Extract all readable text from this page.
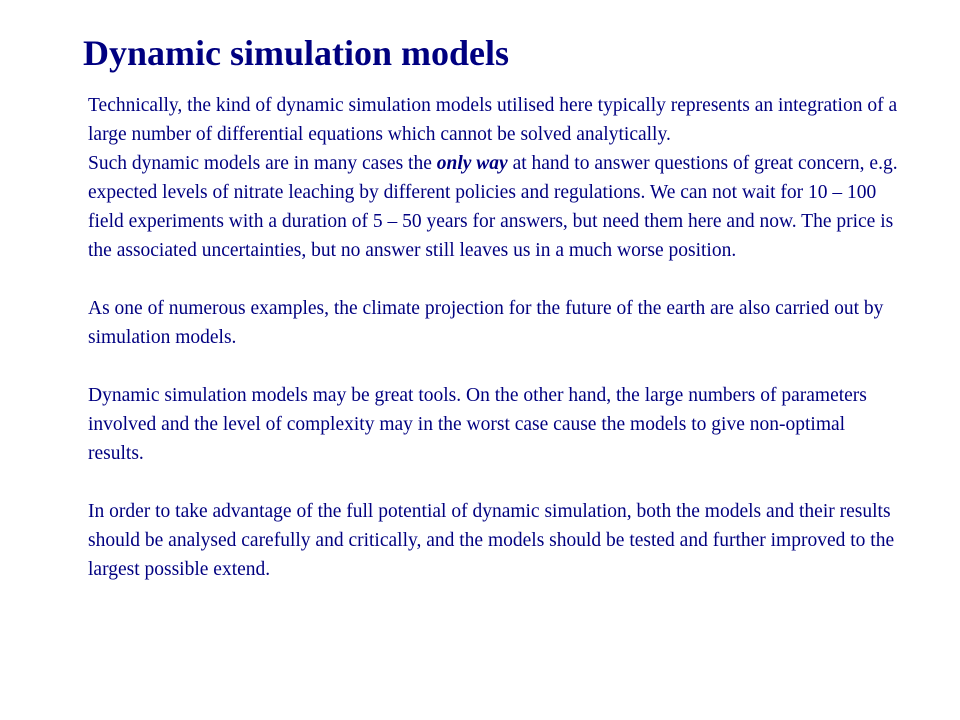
Dynamic simulation models

Technically, the kind of dynamic simulation models utilised here typically represents an integration of a large number of differential equations which cannot be solved analytically.

Such dynamic models are in many cases the only way at hand to answer questions of great concern, e.g. expected levels of nitrate leaching by different policies and regulations. We can not wait for 10 – 100 field experiments with a duration of 5 – 50 years for answers, but need them here and now. The price is the associated uncertainties, but no answer still leaves us in a much worse position.

As one of numerous examples, the climate projection for the future of the earth are also carried out by simulation models.

Dynamic simulation models may be great tools. On the other hand, the large numbers of parameters involved and the level of complexity may in the worst case cause the models to give non-optimal results.

In order to take advantage of the full potential of dynamic simulation, both the models and their results should be analysed carefully and critically, and the models should be tested and further improved to the largest possible extend.
